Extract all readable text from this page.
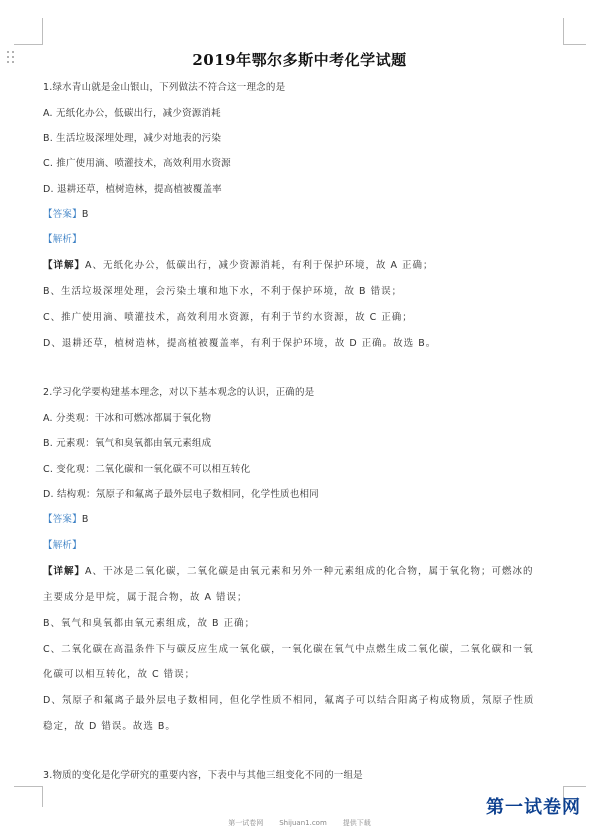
2019年鄂尔多斯中考化学试题
1.绿水青山就是金山银山，下列做法不符合这一理念的是
A. 无纸化办公，低碳出行，减少资源消耗
B. 生活垃圾深埋处理，减少对地表的污染
C. 推广使用滴、喷灌技术，高效利用水资源
D. 退耕还草，植树造林，提高植被覆盖率
【答案】B
【解析】
【详解】A、无纸化办公，低碳出行，减少资源消耗，有利于保护环境，故 A 正确；
B、生活垃圾深埋处理，会污染土壤和地下水，不利于保护环境，故 B 错误；
C、推广使用滴、喷灌技术，高效利用水资源，有利于节约水资源，故 C 正确；
D、退耕还草，植树造林，提高植被覆盖率，有利于保护环境，故 D 正确。故选 B。
2.学习化学要构建基本理念，对以下基本观念的认识，正确的是
A. 分类观：干冰和可燃冰都属于氧化物
B. 元素观：氧气和臭氧都由氧元素组成
C. 变化观：二氧化碳和一氧化碳不可以相互转化
D. 结构观：氖原子和氟离子最外层电子数相同，化学性质也相同
【答案】B
【解析】
【详解】A、干冰是二氧化碳，二氧化碳是由氧元素和另外一种元素组成的化合物，属于氧化物；可燃冰的
主要成分是甲烷，属于混合物，故 A 错误；
B、氧气和臭氧都由氧元素组成，故 B 正确；
C、二氧化碳在高温条件下与碳反应生成一氧化碳，一氧化碳在氧气中点燃生成二氧化碳，二氧化碳和一氧
化碳可以相互转化，故 C 错误；
D、氖原子和氟离子最外层电子数相同，但化学性质不相同，氟离子可以结合阳离子构成物质，氖原子性质
稳定，故 D 错误。故选 B。
3.物质的变化是化学研究的重要内容，下表中与其他三组变化不同的一组是
第一试卷网
第一试卷网 Shijuan1.com 提供下载
